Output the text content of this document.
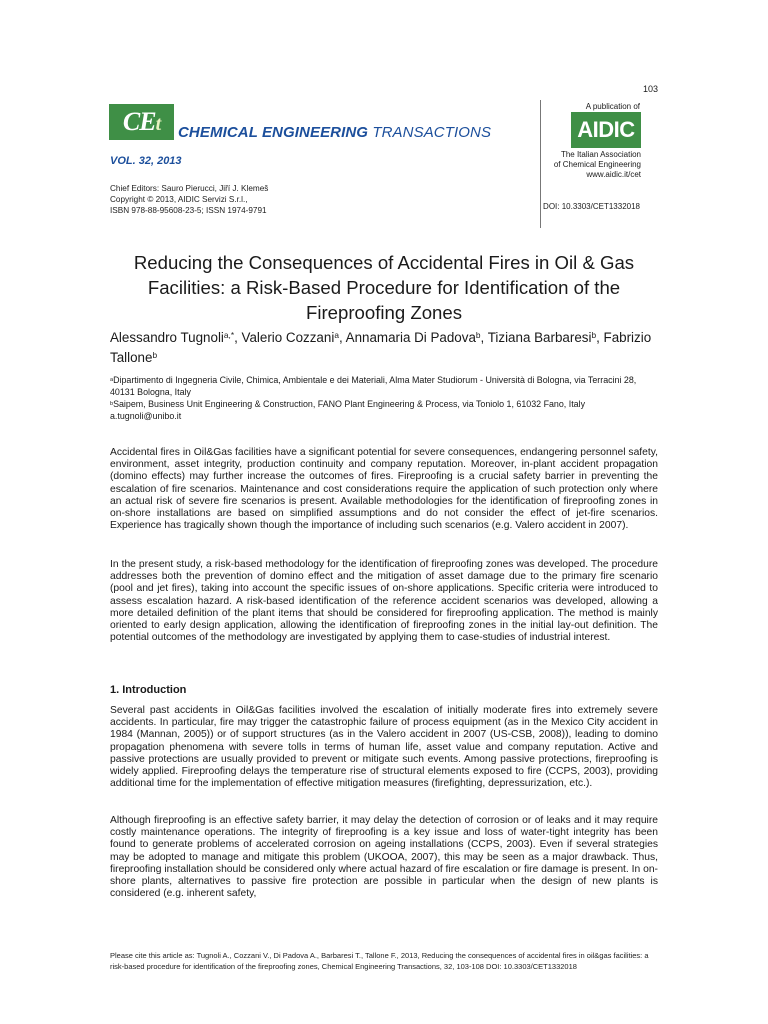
103
CEt CHEMICAL ENGINEERING TRANSACTIONS
VOL. 32, 2013
Chief Editors: Sauro Pierucci, Jiří J. Klemeš
Copyright © 2013, AIDIC Servizi S.r.l.,
ISBN 978-88-95608-23-5; ISSN 1974-9791
A publication of
AIDIC
The Italian Association
of Chemical Engineering
www.aidic.it/cet
DOI: 10.3303/CET1332018
Reducing the Consequences of Accidental Fires in Oil & Gas Facilities: a Risk-Based Procedure for Identification of the Fireproofing Zones
Alessandro Tugnoli$^{a,*}$, Valerio Cozzani$^a$, Annamaria Di Padova$^b$, Tiziana Barbaresi$^b$, Fabrizio Tallone$^b$
$^a$Dipartimento di Ingegneria Civile, Chimica, Ambientale e dei Materiali, Alma Mater Studiorum - Università di Bologna, via Terracini 28, 40131 Bologna, Italy
$^b$Saipem, Business Unit Engineering & Construction, FANO Plant Engineering & Process, via Toniolo 1, 61032 Fano, Italy
a.tugnoli@unibo.it
Accidental fires in Oil&Gas facilities have a significant potential for severe consequences, endangering personnel safety, environment, asset integrity, production continuity and company reputation. Moreover, in-plant accident propagation (domino effects) may further increase the outcomes of fires. Fireproofing is a crucial safety barrier in preventing the escalation of fire scenarios. Maintenance and cost considerations require the application of such protection only where an actual risk of severe fire scenarios is present. Available methodologies for the identification of fireproofing zones in on-shore installations are based on simplified assumptions and do not consider the effect of jet-fire scenarios. Experience has tragically shown though the importance of including such scenarios (e.g. Valero accident in 2007).
In the present study, a risk-based methodology for the identification of fireproofing zones was developed. The procedure addresses both the prevention of domino effect and the mitigation of asset damage due to the primary fire scenario (pool and jet fires), taking into account the specific issues of on-shore applications. Specific criteria were introduced to assess escalation hazard. A risk-based identification of the reference accident scenarios was developed, allowing a more detailed definition of the plant items that should be considered for fireproofing application. The method is mainly oriented to early design application, allowing the identification of fireproofing zones in the initial lay-out definition. The potential outcomes of the methodology are investigated by applying them to case-studies of industrial interest.
1. Introduction
Several past accidents in Oil&Gas facilities involved the escalation of initially moderate fires into extremely severe accidents. In particular, fire may trigger the catastrophic failure of process equipment (as in the Mexico City accident in 1984 (Mannan, 2005)) or of support structures (as in the Valero accident in 2007 (US-CSB, 2008)), leading to domino propagation phenomena with severe tolls in terms of human life, asset value and company reputation. Active and passive protections are usually provided to prevent or mitigate such events. Among passive protections, fireproofing is widely applied. Fireproofing delays the temperature rise of structural elements exposed to fire (CCPS, 2003), providing additional time for the implementation of effective mitigation measures (firefighting, depressurization, etc.).
Although fireproofing is an effective safety barrier, it may delay the detection of corrosion or of leaks and it may require costly maintenance operations. The integrity of fireproofing is a key issue and loss of water-tight integrity has been found to generate problems of accelerated corrosion on ageing installations (CCPS, 2003). Even if several strategies may be adopted to manage and mitigate this problem (UKOOA, 2007), this may be seen as a major drawback. Thus, fireproofing installation should be considered only where actual hazard of fire escalation or fire damage is present. In on-shore plants, alternatives to passive fire protection are possible in particular when the design of new plants is considered (e.g. inherent safety,
Please cite this article as: Tugnoli A., Cozzani V., Di Padova A., Barbaresi T., Tallone F., 2013, Reducing the consequences of accidental fires in oil&gas facilities: a risk-based procedure for identification of the fireproofing zones, Chemical Engineering Transactions, 32, 103-108 DOI: 10.3303/CET1332018
